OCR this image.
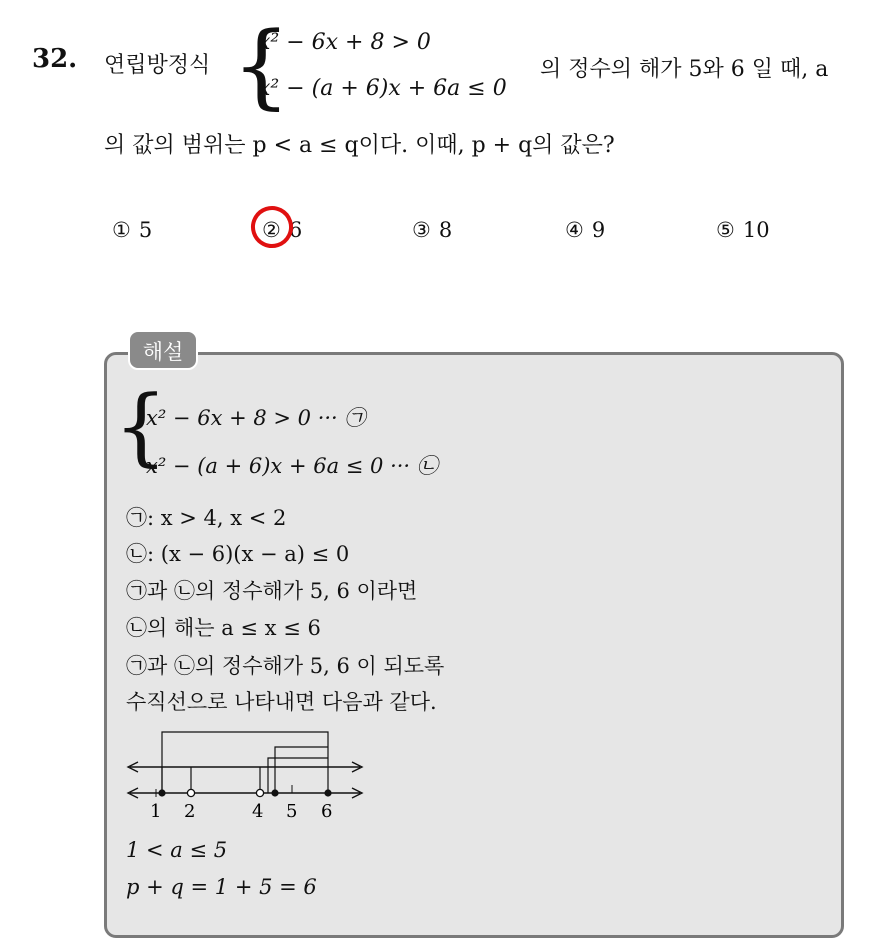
32. 연립방정식 {
x² − 6x + 8 > 0
x² − (a + 6)x + 6a ≤ 0
의 정수의 해가 5와 6 일 때, a
의 값의 범위는 p < a ≤ q이다. 이때, p + q의 값은?
① 5	② 6	③ 8	④ 9	⑤ 10
해설
{
x² − 6x + 8 > 0 ··· ㉠
x² − (a + 6)x + 6a ≤ 0 ··· ㉡
㉠: x > 4, x < 2
㉡: (x − 6)(x − a) ≤ 0
㉠과 ㉡의 정수해가 5, 6 이라면
㉡의 해는 a ≤ x ≤ 6
㉠과 ㉡의 정수해가 5, 6 이 되도록
수직선으로 나타내면 다음과 같다.
1 2	4 5 6
1 < a ≤ 5
p + q = 1 + 5 = 6
